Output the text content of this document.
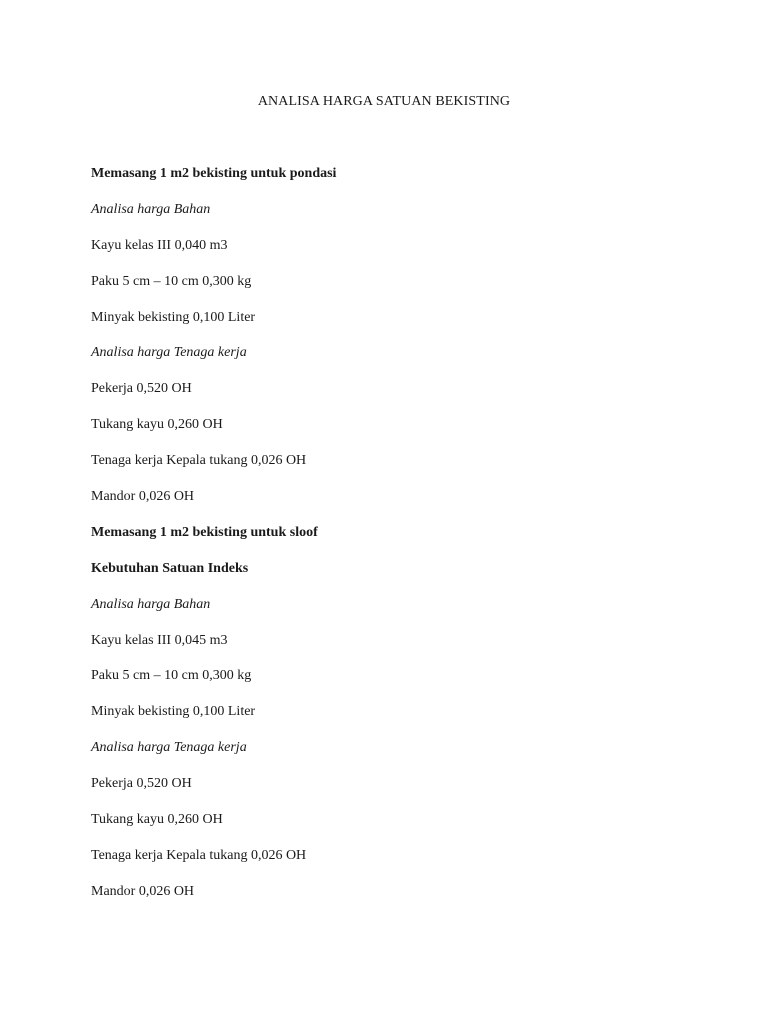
ANALISA HARGA SATUAN BEKISTING
Memasang 1 m2 bekisting untuk pondasi
Analisa harga Bahan
Kayu kelas III 0,040 m3
Paku 5 cm – 10 cm 0,300 kg
Minyak bekisting 0,100 Liter
Analisa harga Tenaga kerja
Pekerja 0,520 OH
Tukang kayu 0,260 OH
Tenaga kerja Kepala tukang 0,026 OH
Mandor 0,026 OH
Memasang 1 m2 bekisting untuk sloof
Kebutuhan Satuan Indeks
Analisa harga Bahan
Kayu kelas III 0,045 m3
Paku 5 cm – 10 cm 0,300 kg
Minyak bekisting 0,100 Liter
Analisa harga Tenaga kerja
Pekerja 0,520 OH
Tukang kayu 0,260 OH
Tenaga kerja Kepala tukang 0,026 OH
Mandor 0,026 OH
